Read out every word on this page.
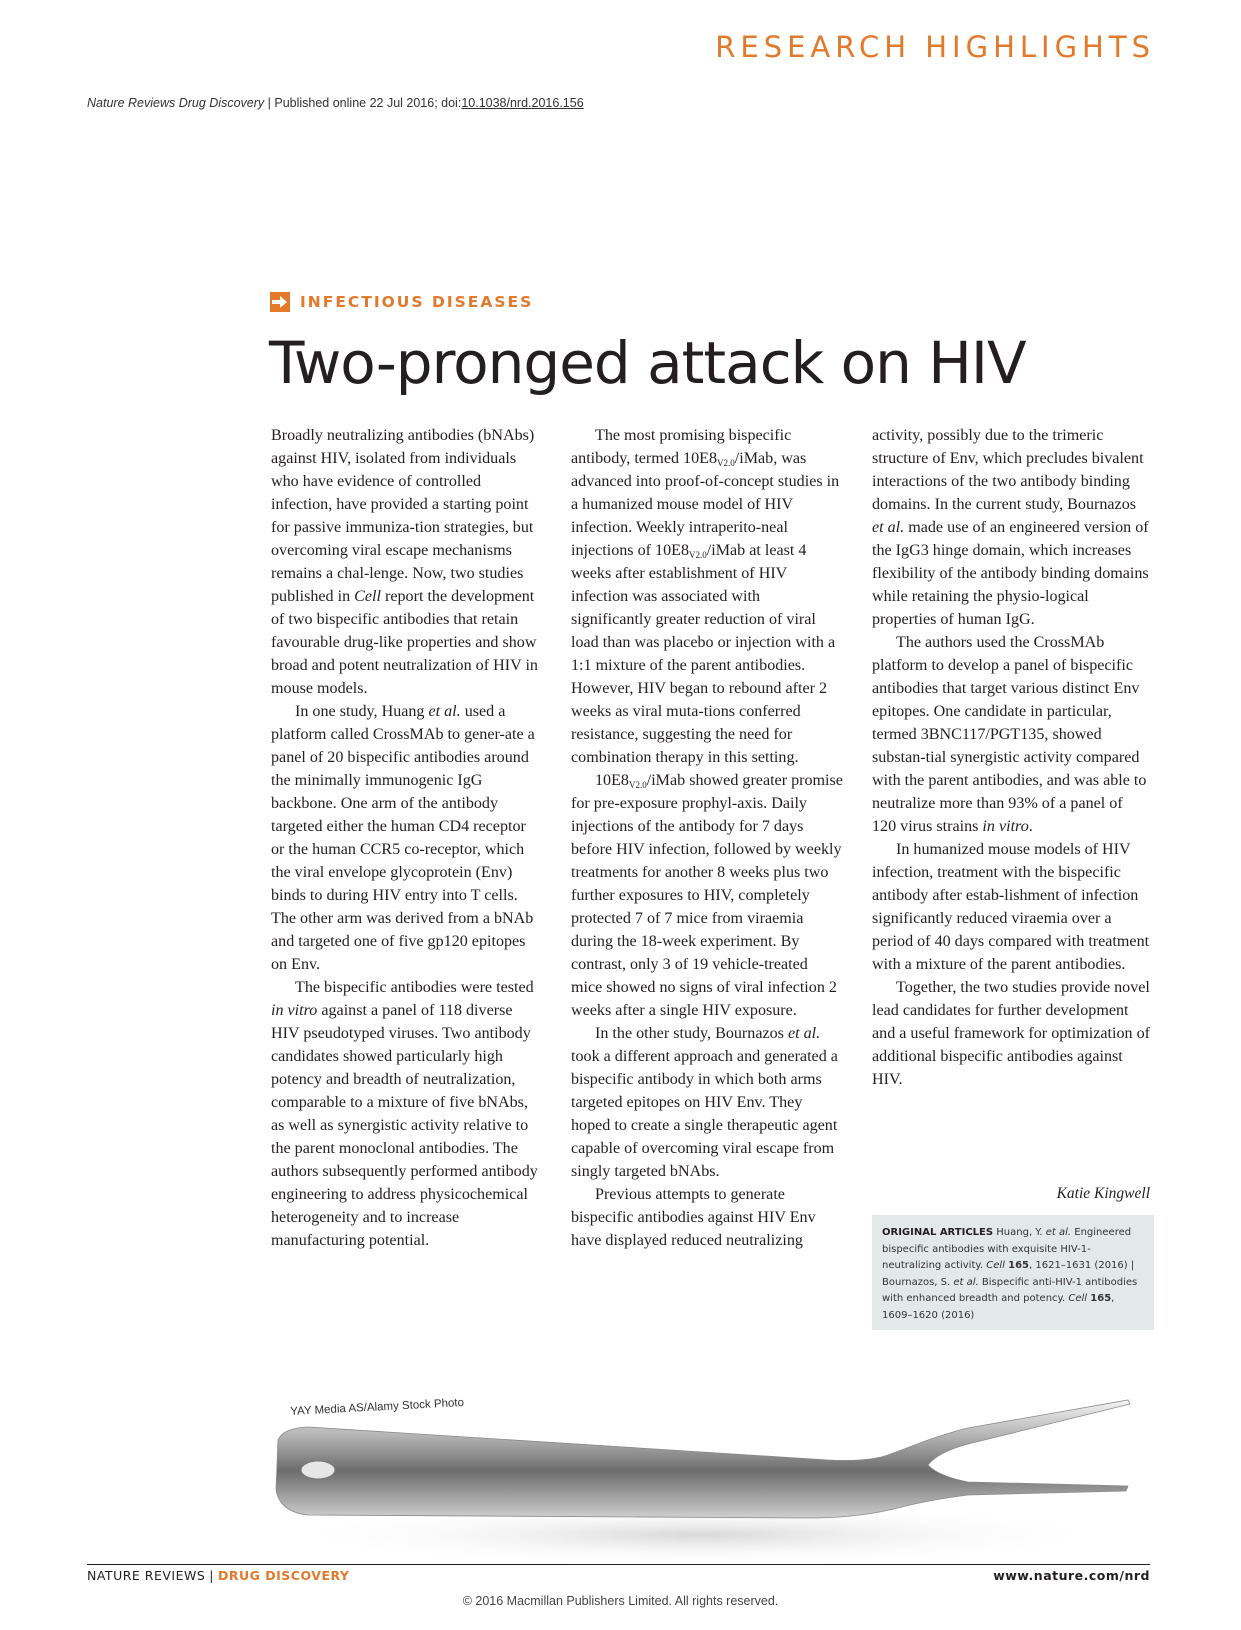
RESEARCH HIGHLIGHTS
Nature Reviews Drug Discovery | Published online 22 Jul 2016; doi:10.1038/nrd.2016.156
INFECTIOUS DISEASES
Two-pronged attack on HIV

Broadly neutralizing antibodies (bNAbs) against HIV, isolated from individuals who have evidence of controlled infection, have provided a starting point for passive immuniza-tion strategies, but overcoming viral escape mechanisms remains a chal-lenge. Now, two studies published in Cell report the development of two bispecific antibodies that retain favourable drug-like properties and show broad and potent neutralization of HIV in mouse models.

In one study, Huang et al. used a platform called CrossMAb to gener-ate a panel of 20 bispecific antibodies around the minimally immunogenic IgG backbone. One arm of the antibody targeted either the human CD4 receptor or the human CCR5 co-receptor, which the viral envelope glycoprotein (Env) binds to during HIV entry into T cells. The other arm was derived from a bNAb and targeted one of five gp120 epitopes on Env.

The bispecific antibodies were tested in vitro against a panel of 118 diverse HIV pseudotyped viruses. Two antibody candidates showed particularly high potency and breadth of neutralization, comparable to a mixture of five bNAbs, as well as synergistic activity relative to the parent monoclonal antibodies. The authors subsequently performed antibody engineering to address physicochemical heterogeneity and to increase manufacturing potential.

The most promising bispecific antibody, termed $10E8_{V2.0}$/iMab, was advanced into proof-of-concept studies in a humanized mouse model of HIV infection. Weekly intraperito-neal injections of $10E8_{V2.0}$/iMab at least 4 weeks after establishment of HIV infection was associated with significantly greater reduction of viral load than was placebo or injection with a 1:1 mixture of the parent antibodies. However, HIV began to rebound after 2 weeks as viral muta-tions conferred resistance, suggesting the need for combination therapy in this setting.

$10E8_{V2.0}$/iMab showed greater promise for pre-exposure prophyl-axis. Daily injections of the antibody for 7 days before HIV infection, followed by weekly treatments for another 8 weeks plus two further exposures to HIV, completely protected 7 of 7 mice from viraemia during the 18-week experiment. By contrast, only 3 of 19 vehicle-treated mice showed no signs of viral infection 2 weeks after a single HIV exposure.

In the other study, Bournazos et al. took a different approach and generated a bispecific antibody in which both arms targeted epitopes on HIV Env. They hoped to create a single therapeutic agent capable of overcoming viral escape from singly targeted bNAbs.

Previous attempts to generate bispecific antibodies against HIV Env have displayed reduced neutralizing

activity, possibly due to the trimeric structure of Env, which precludes bivalent interactions of the two antibody binding domains. In the current study, Bournazos et al. made use of an engineered version of the IgG3 hinge domain, which increases flexibility of the antibody binding domains while retaining the physio-logical properties of human IgG.

The authors used the CrossMAb platform to develop a panel of bispecific antibodies that target various distinct Env epitopes. One candidate in particular, termed 3BNC117/PGT135, showed substan-tial synergistic activity compared with the parent antibodies, and was able to neutralize more than 93% of a panel of 120 virus strains in vitro.

In humanized mouse models of HIV infection, treatment with the bispecific antibody after estab-lishment of infection significantly reduced viraemia over a period of 40 days compared with treatment with a mixture of the parent antibodies.

Together, the two studies provide novel lead candidates for further development and a useful framework for optimization of additional bispecific antibodies against HIV.

Katie Kingwell
ORIGINAL ARTICLES Huang, Y. et al. Engineered bispecific antibodies with exquisite HIV-1-neutralizing activity. Cell 165, 1621–1631 (2016) | Bournazos, S. et al. Bispecific anti-HIV-1 antibodies with enhanced breadth and potency. Cell 165, 1609–1620 (2016)
YAY Media AS/Alamy Stock Photo
NATURE REVIEWS | DRUG DISCOVERY	www.nature.com/nrd
© 2016 Macmillan Publishers Limited. All rights reserved.
